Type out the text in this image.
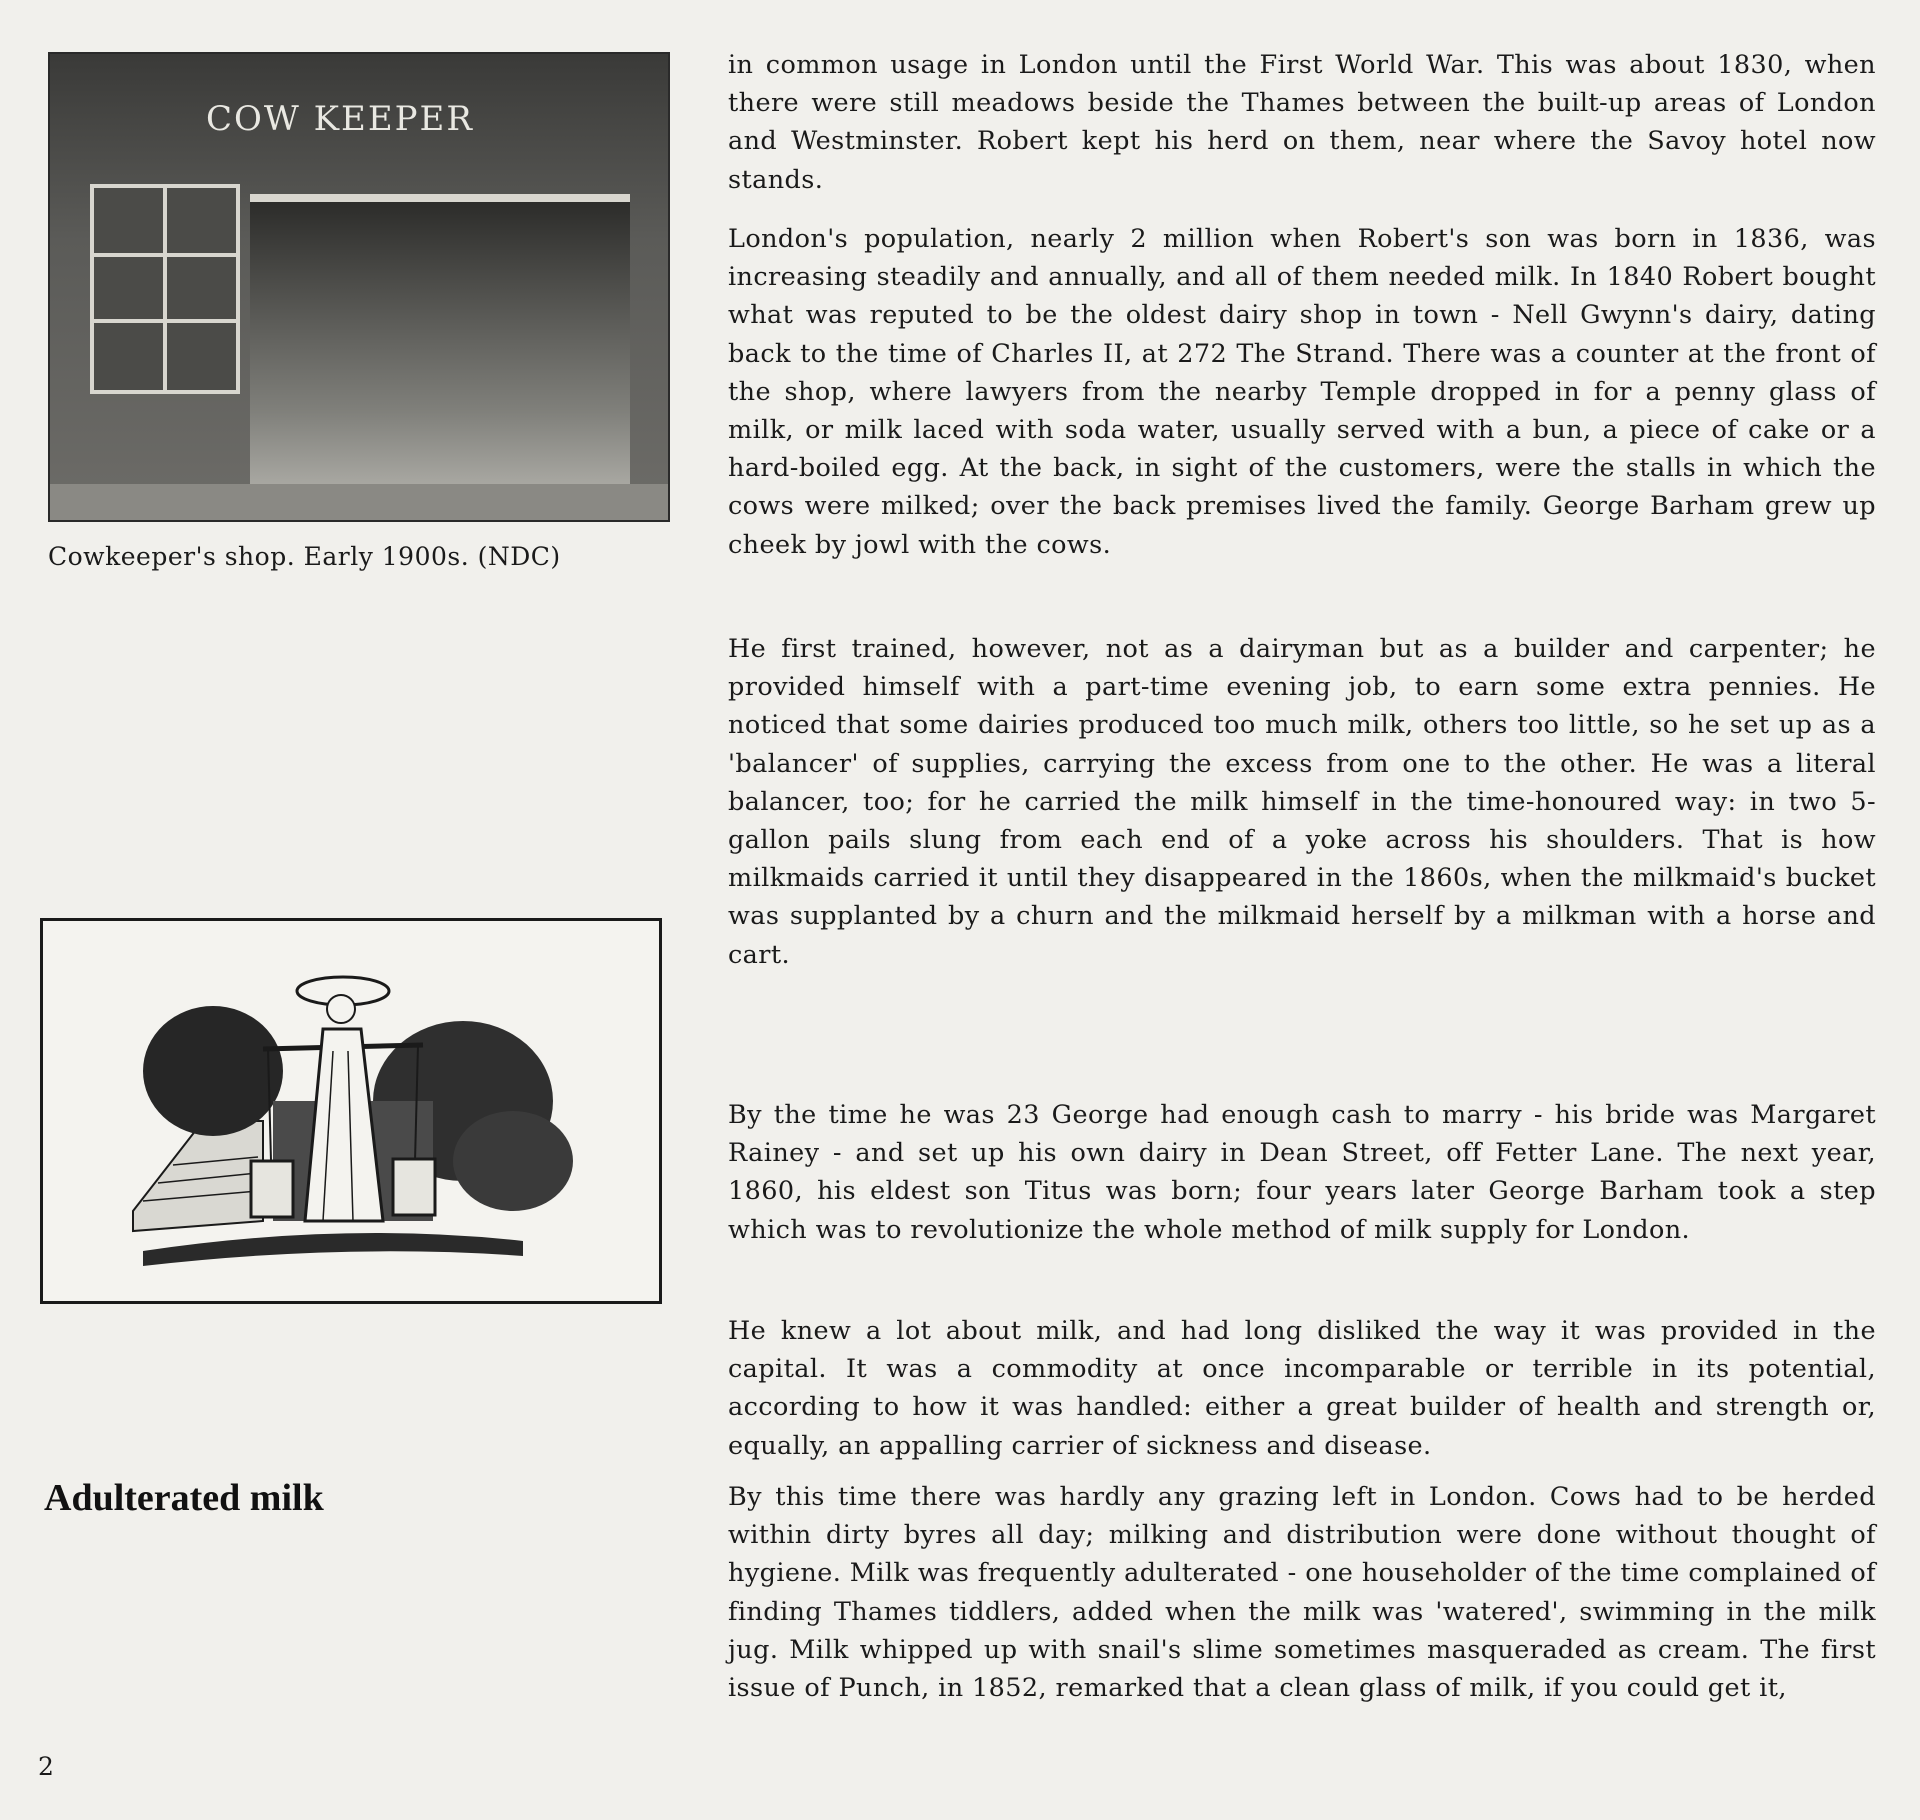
COW KEEPER
Cowkeeper's shop. Early 1900s. (NDC)
Adulterated milk
2

in common usage in London until the First World War. This was about 1830, when there were still meadows beside the Thames between the built-up areas of London and Westminster. Robert kept his herd on them, near where the Savoy hotel now stands.

London's population, nearly 2 million when Robert's son was born in 1836, was increasing steadily and annually, and all of them needed milk. In 1840 Robert bought what was reputed to be the oldest dairy shop in town - Nell Gwynn's dairy, dating back to the time of Charles II, at 272 The Strand. There was a counter at the front of the shop, where lawyers from the nearby Temple dropped in for a penny glass of milk, or milk laced with soda water, usually served with a bun, a piece of cake or a hard-boiled egg. At the back, in sight of the customers, were the stalls in which the cows were milked; over the back premises lived the family. George Barham grew up cheek by jowl with the cows.

He first trained, however, not as a dairyman but as a builder and carpenter; he provided himself with a part-time evening job, to earn some extra pennies. He noticed that some dairies produced too much milk, others too little, so he set up as a 'balancer' of supplies, carrying the excess from one to the other. He was a literal balancer, too; for he carried the milk himself in the time-honoured way: in two 5-gallon pails slung from each end of a yoke across his shoulders. That is how milkmaids carried it until they disappeared in the 1860s, when the milkmaid's bucket was supplanted by a churn and the milkmaid herself by a milkman with a horse and cart.

By the time he was 23 George had enough cash to marry - his bride was Margaret Rainey - and set up his own dairy in Dean Street, off Fetter Lane. The next year, 1860, his eldest son Titus was born; four years later George Barham took a step which was to revolutionize the whole method of milk supply for London.

He knew a lot about milk, and had long disliked the way it was provided in the capital. It was a commodity at once incomparable or terrible in its potential, according to how it was handled: either a great builder of health and strength or, equally, an appalling carrier of sickness and disease.

By this time there was hardly any grazing left in London. Cows had to be herded within dirty byres all day; milking and distribution were done without thought of hygiene. Milk was frequently adulterated - one householder of the time complained of finding Thames tiddlers, added when the milk was 'watered', swimming in the milk jug. Milk whipped up with snail's slime sometimes masqueraded as cream. The first issue of Punch, in 1852, remarked that a clean glass of milk, if you could get it,
